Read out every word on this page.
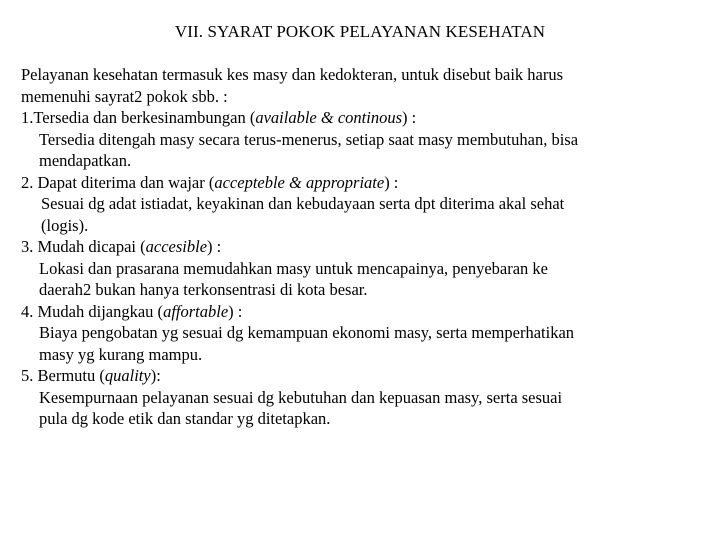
VII. SYARAT POKOK PELAYANAN KESEHATAN
Pelayanan kesehatan termasuk kes masy dan kedokteran, untuk disebut baik harus
memenuhi sayrat2 pokok sbb. :
1.Tersedia dan berkesinambungan (available & continous) :
Tersedia ditengah masy secara terus-menerus, setiap saat masy membutuhan, bisa
mendapatkan.
2. Dapat diterima dan wajar (accepteble & appropriate) :
Sesuai dg adat istiadat, keyakinan dan kebudayaan serta dpt diterima akal sehat
(logis).
3. Mudah dicapai (accesible) :
Lokasi dan prasarana memudahkan masy untuk mencapainya, penyebaran ke
daerah2 bukan hanya terkonsentrasi di kota besar.
4. Mudah dijangkau (affortable) :
Biaya pengobatan yg sesuai dg kemampuan ekonomi masy, serta memperhatikan
masy yg kurang mampu.
5. Bermutu (quality):
Kesempurnaan pelayanan sesuai dg kebutuhan dan kepuasan masy, serta sesuai
pula dg kode etik dan standar yg ditetapkan.
